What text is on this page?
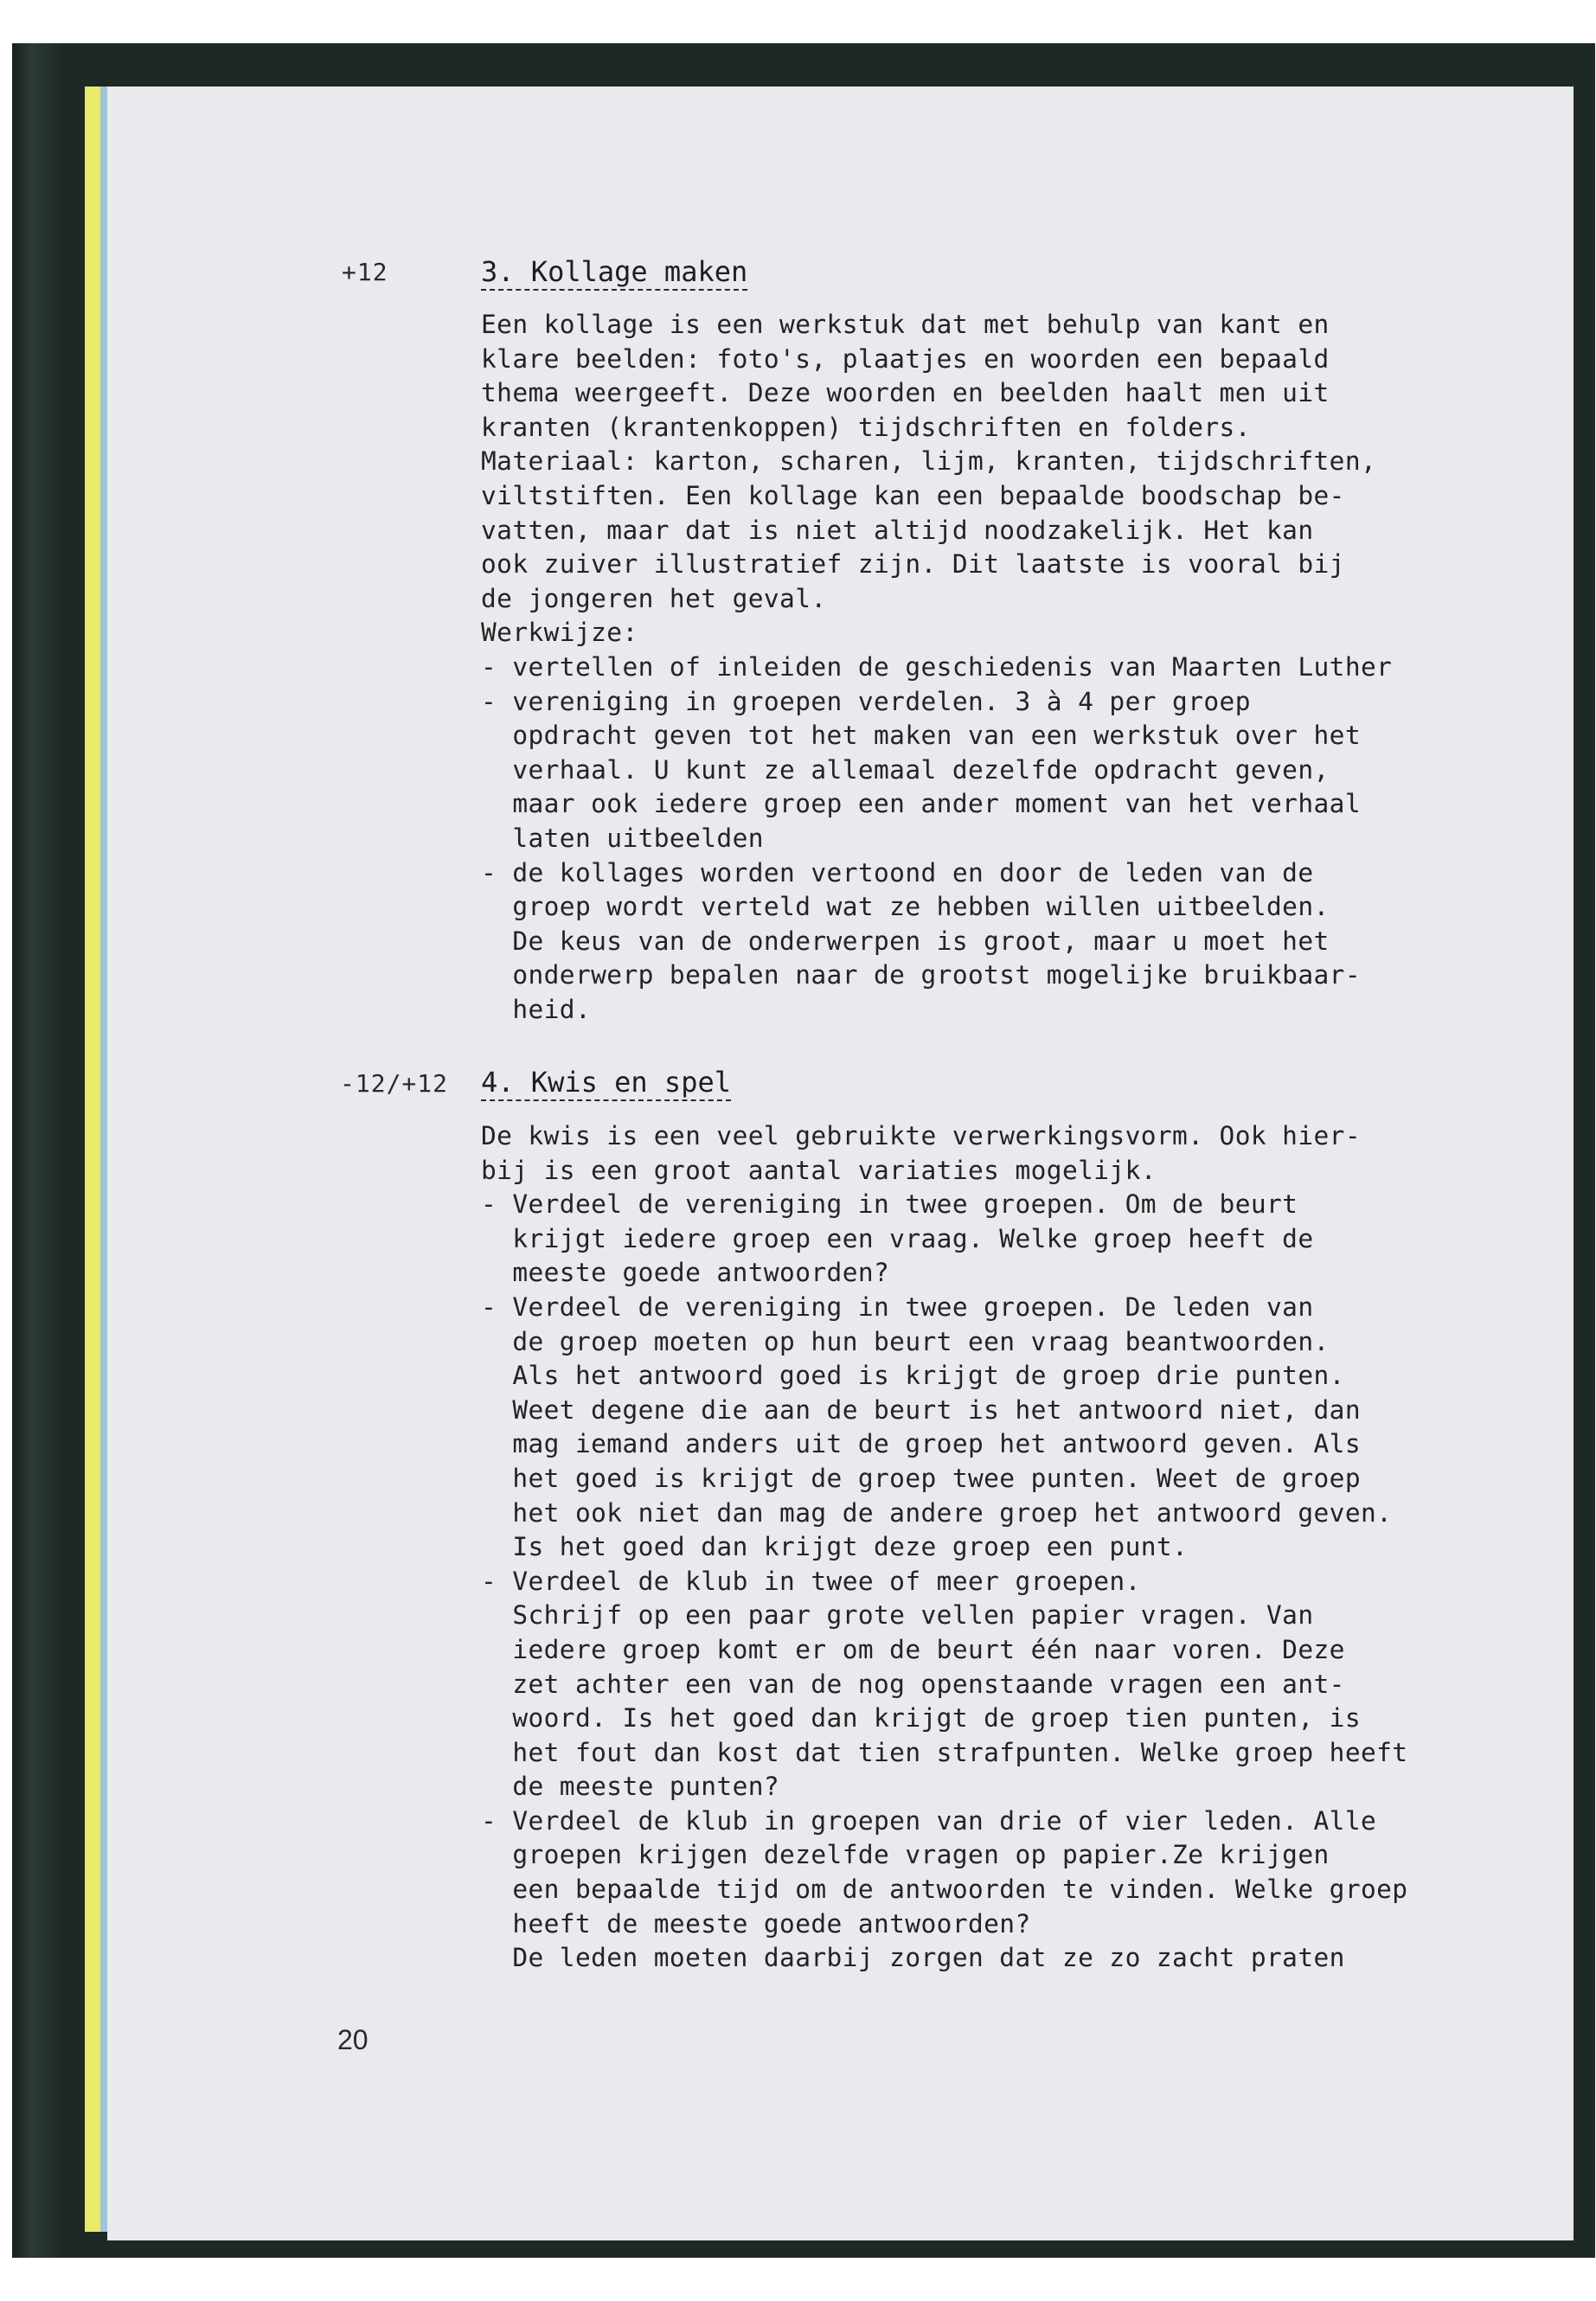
+12	3. Kollage maken
Een kollage is een werkstuk dat met behulp van kant en
klare beelden: foto's, plaatjes en woorden een bepaald
thema weergeeft. Deze woorden en beelden haalt men uit
kranten (krantenkoppen) tijdschriften en folders.
Materiaal: karton, scharen, lijm, kranten, tijdschriften,
viltstiften. Een kollage kan een bepaalde boodschap be-
vatten, maar dat is niet altijd noodzakelijk. Het kan
ook zuiver illustratief zijn. Dit laatste is vooral bij
de jongeren het geval.
Werkwijze:
- vertellen of inleiden de geschiedenis van Maarten Luther
- vereniging in groepen verdelen. 3 à 4 per groep
opdracht geven tot het maken van een werkstuk over het
verhaal. U kunt ze allemaal dezelfde opdracht geven,
maar ook iedere groep een ander moment van het verhaal
laten uitbeelden
- de kollages worden vertoond en door de leden van de
groep wordt verteld wat ze hebben willen uitbeelden.
De keus van de onderwerpen is groot, maar u moet het
onderwerp bepalen naar de grootst mogelijke bruikbaar-
heid.
-12/+12 4. Kwis en spel
De kwis is een veel gebruikte verwerkingsvorm. Ook hier-
bij is een groot aantal variaties mogelijk.
- Verdeel de vereniging in twee groepen. Om de beurt
krijgt iedere groep een vraag. Welke groep heeft de
meeste goede antwoorden?
- Verdeel de vereniging in twee groepen. De leden van
de groep moeten op hun beurt een vraag beantwoorden.
Als het antwoord goed is krijgt de groep drie punten.
Weet degene die aan de beurt is het antwoord niet, dan
mag iemand anders uit de groep het antwoord geven. Als
het goed is krijgt de groep twee punten. Weet de groep
het ook niet dan mag de andere groep het antwoord geven.
Is het goed dan krijgt deze groep een punt.
- Verdeel de klub in twee of meer groepen.
Schrijf op een paar grote vellen papier vragen. Van
iedere groep komt er om de beurt één naar voren. Deze
zet achter een van de nog openstaande vragen een ant-
woord. Is het goed dan krijgt de groep tien punten, is
het fout dan kost dat tien strafpunten. Welke groep heeft
de meeste punten?
- Verdeel de klub in groepen van drie of vier leden. Alle
groepen krijgen dezelfde vragen op papier.Ze krijgen
een bepaalde tijd om de antwoorden te vinden. Welke groep
heeft de meeste goede antwoorden?
De leden moeten daarbij zorgen dat ze zo zacht praten
20
